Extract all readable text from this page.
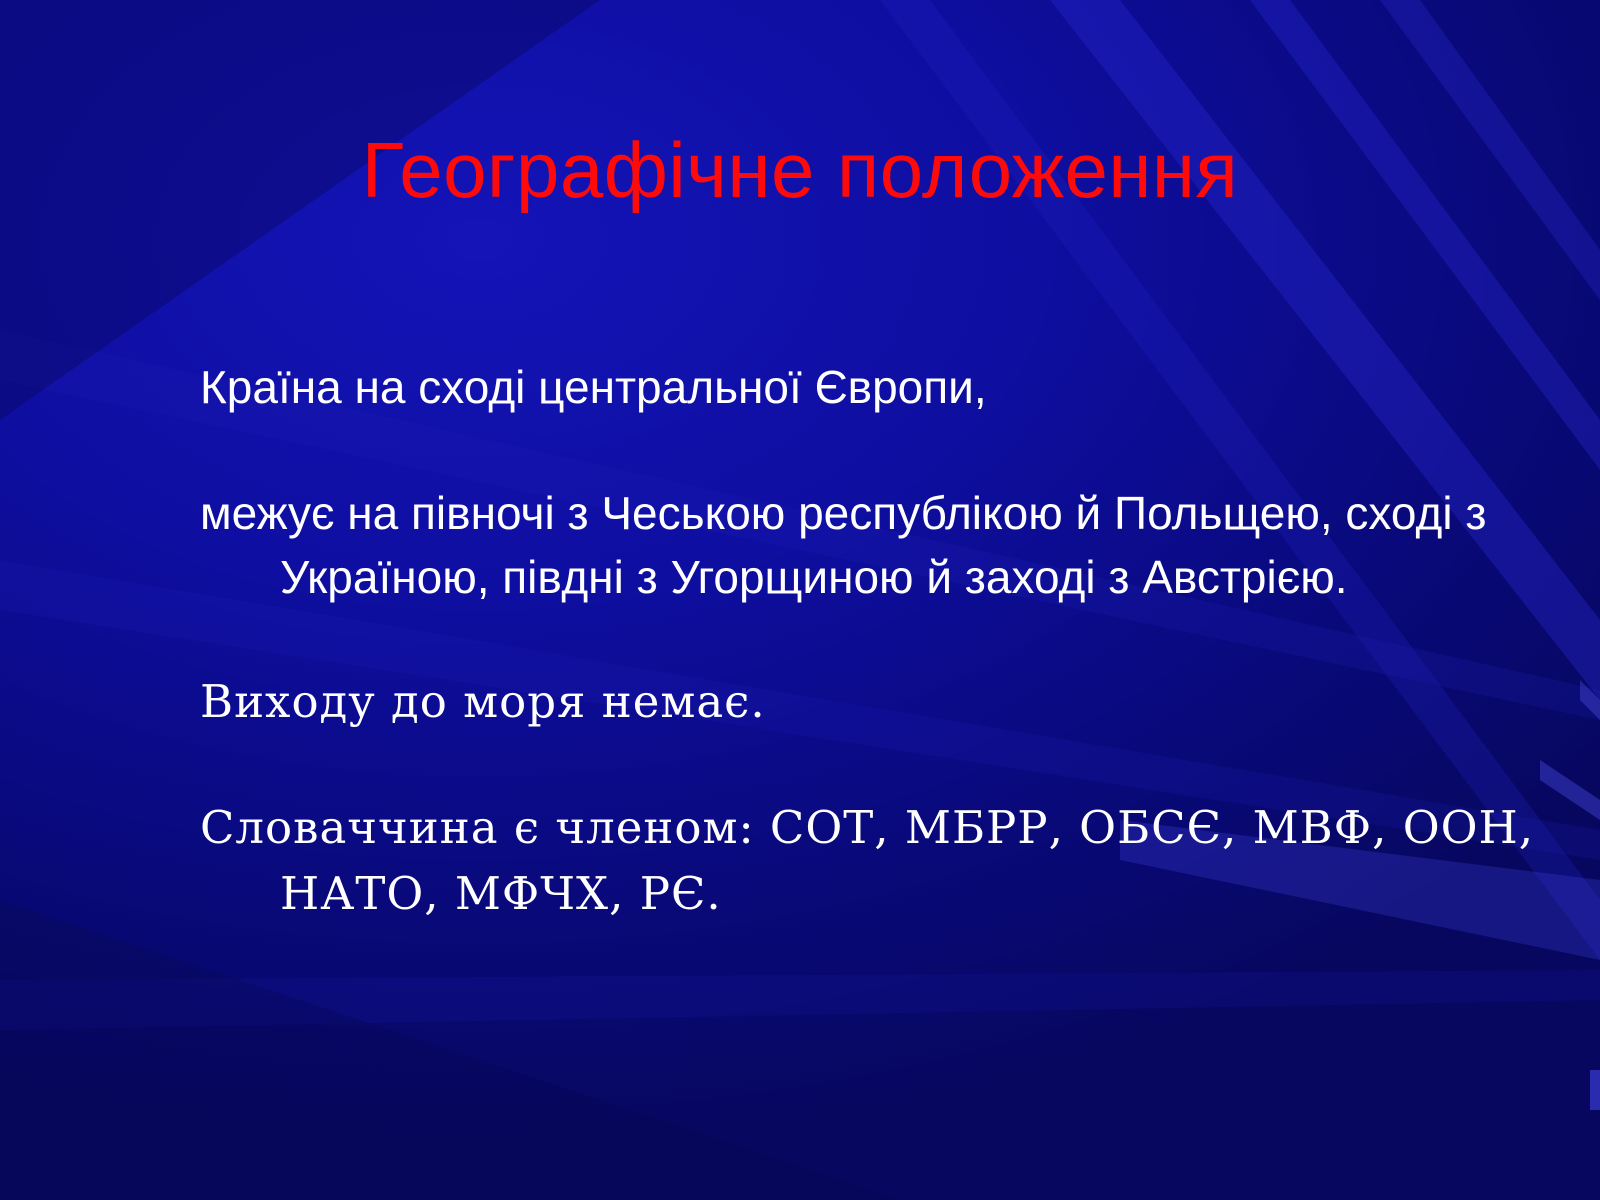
Географічне положення

Країна на сході центральної Європи,

межує на півночі з Чеською республікою й Польщею, сході з Україною, півдні з Угорщиною й заході з Австрією.

Виходу до моря немає.

Словаччина є членом: СОТ, МБРР, ОБСЄ, МВФ, ООН, НАТО, МФЧХ, РЄ.
